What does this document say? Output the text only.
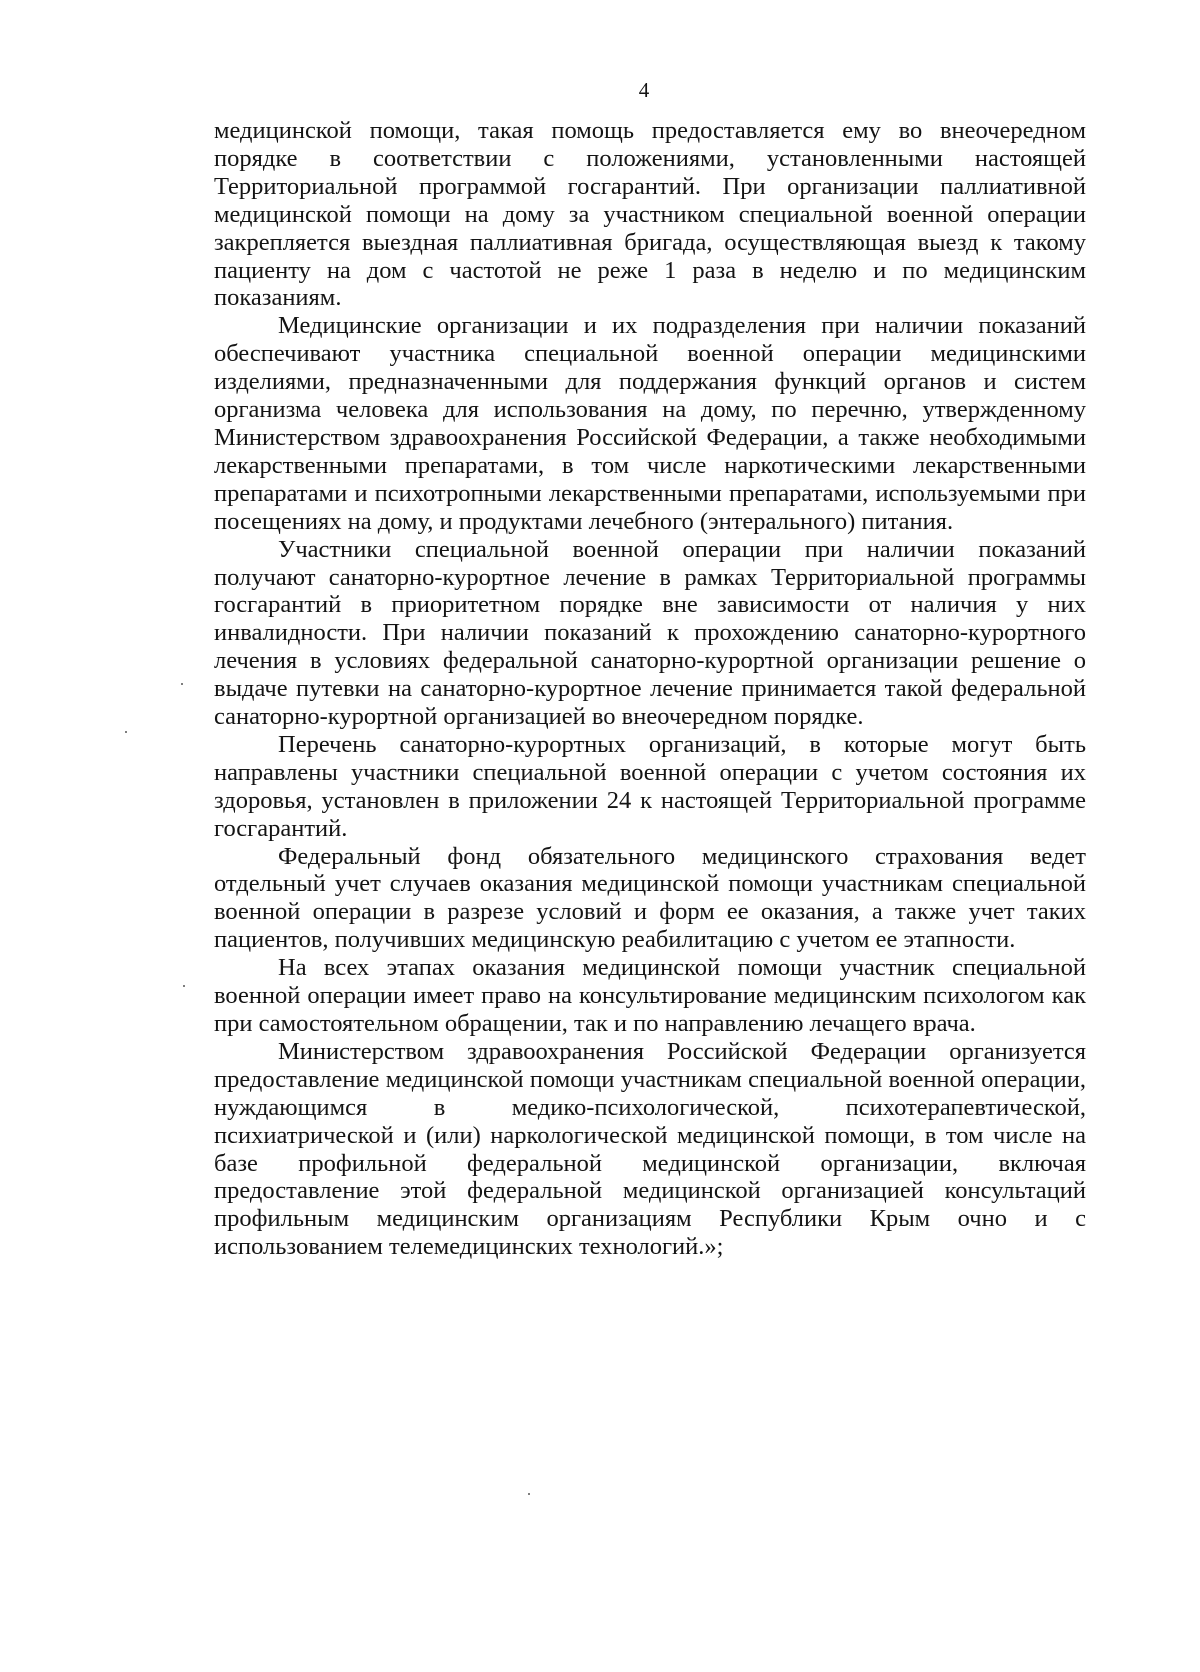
4

медицинской помощи, такая помощь предоставляется ему во внеочередном порядке в соответствии с положениями, установленными настоящей Территориальной программой госгарантий. При организации паллиативной медицинской помощи на дому за участником специальной военной операции закрепляется выездная паллиативная бригада, осуществляющая выезд к такому пациенту на дом с частотой не реже 1 раза в неделю и по медицинским показаниям.

Медицинские организации и их подразделения при наличии показаний обеспечивают участника специальной военной операции медицинскими изделиями, предназначенными для поддержания функций органов и систем организма человека для использования на дому, по перечню, утвержденному Министерством здравоохранения Российской Федерации, а также необходимыми лекарственными препаратами, в том числе наркотическими лекарственными препаратами и психотропными лекарственными препаратами, используемыми при посещениях на дому, и продуктами лечебного (энтерального) питания.

Участники специальной военной операции при наличии показаний получают санаторно-курортное лечение в рамках Территориальной программы госгарантий в приоритетном порядке вне зависимости от наличия у них инвалидности. При наличии показаний к прохождению санаторно-курортного лечения в условиях федеральной санаторно-курортной организации решение о выдаче путевки на санаторно-курортное лечение принимается такой федеральной санаторно-курортной организацией во внеочередном порядке.

Перечень санаторно-курортных организаций, в которые могут быть направлены участники специальной военной операции с учетом состояния их здоровья, установлен в приложении 24 к настоящей Территориальной программе госгарантий.

Федеральный фонд обязательного медицинского страхования ведет отдельный учет случаев оказания медицинской помощи участникам специальной военной операции в разрезе условий и форм ее оказания, а также учет таких пациентов, получивших медицинскую реабилитацию с учетом ее этапности.

На всех этапах оказания медицинской помощи участник специальной военной операции имеет право на консультирование медицинским психологом как при самостоятельном обращении, так и по направлению лечащего врача.

Министерством здравоохранения Российской Федерации организуется предоставление медицинской помощи участникам специальной военной операции, нуждающимся в медико-психологической, психотерапевтической, психиатрической и (или) наркологической медицинской помощи, в том числе на базе профильной федеральной медицинской организации, включая предоставление этой федеральной медицинской организацией консультаций профильным медицинским организациям Республики Крым очно и с использованием телемедицинских технологий.»;
